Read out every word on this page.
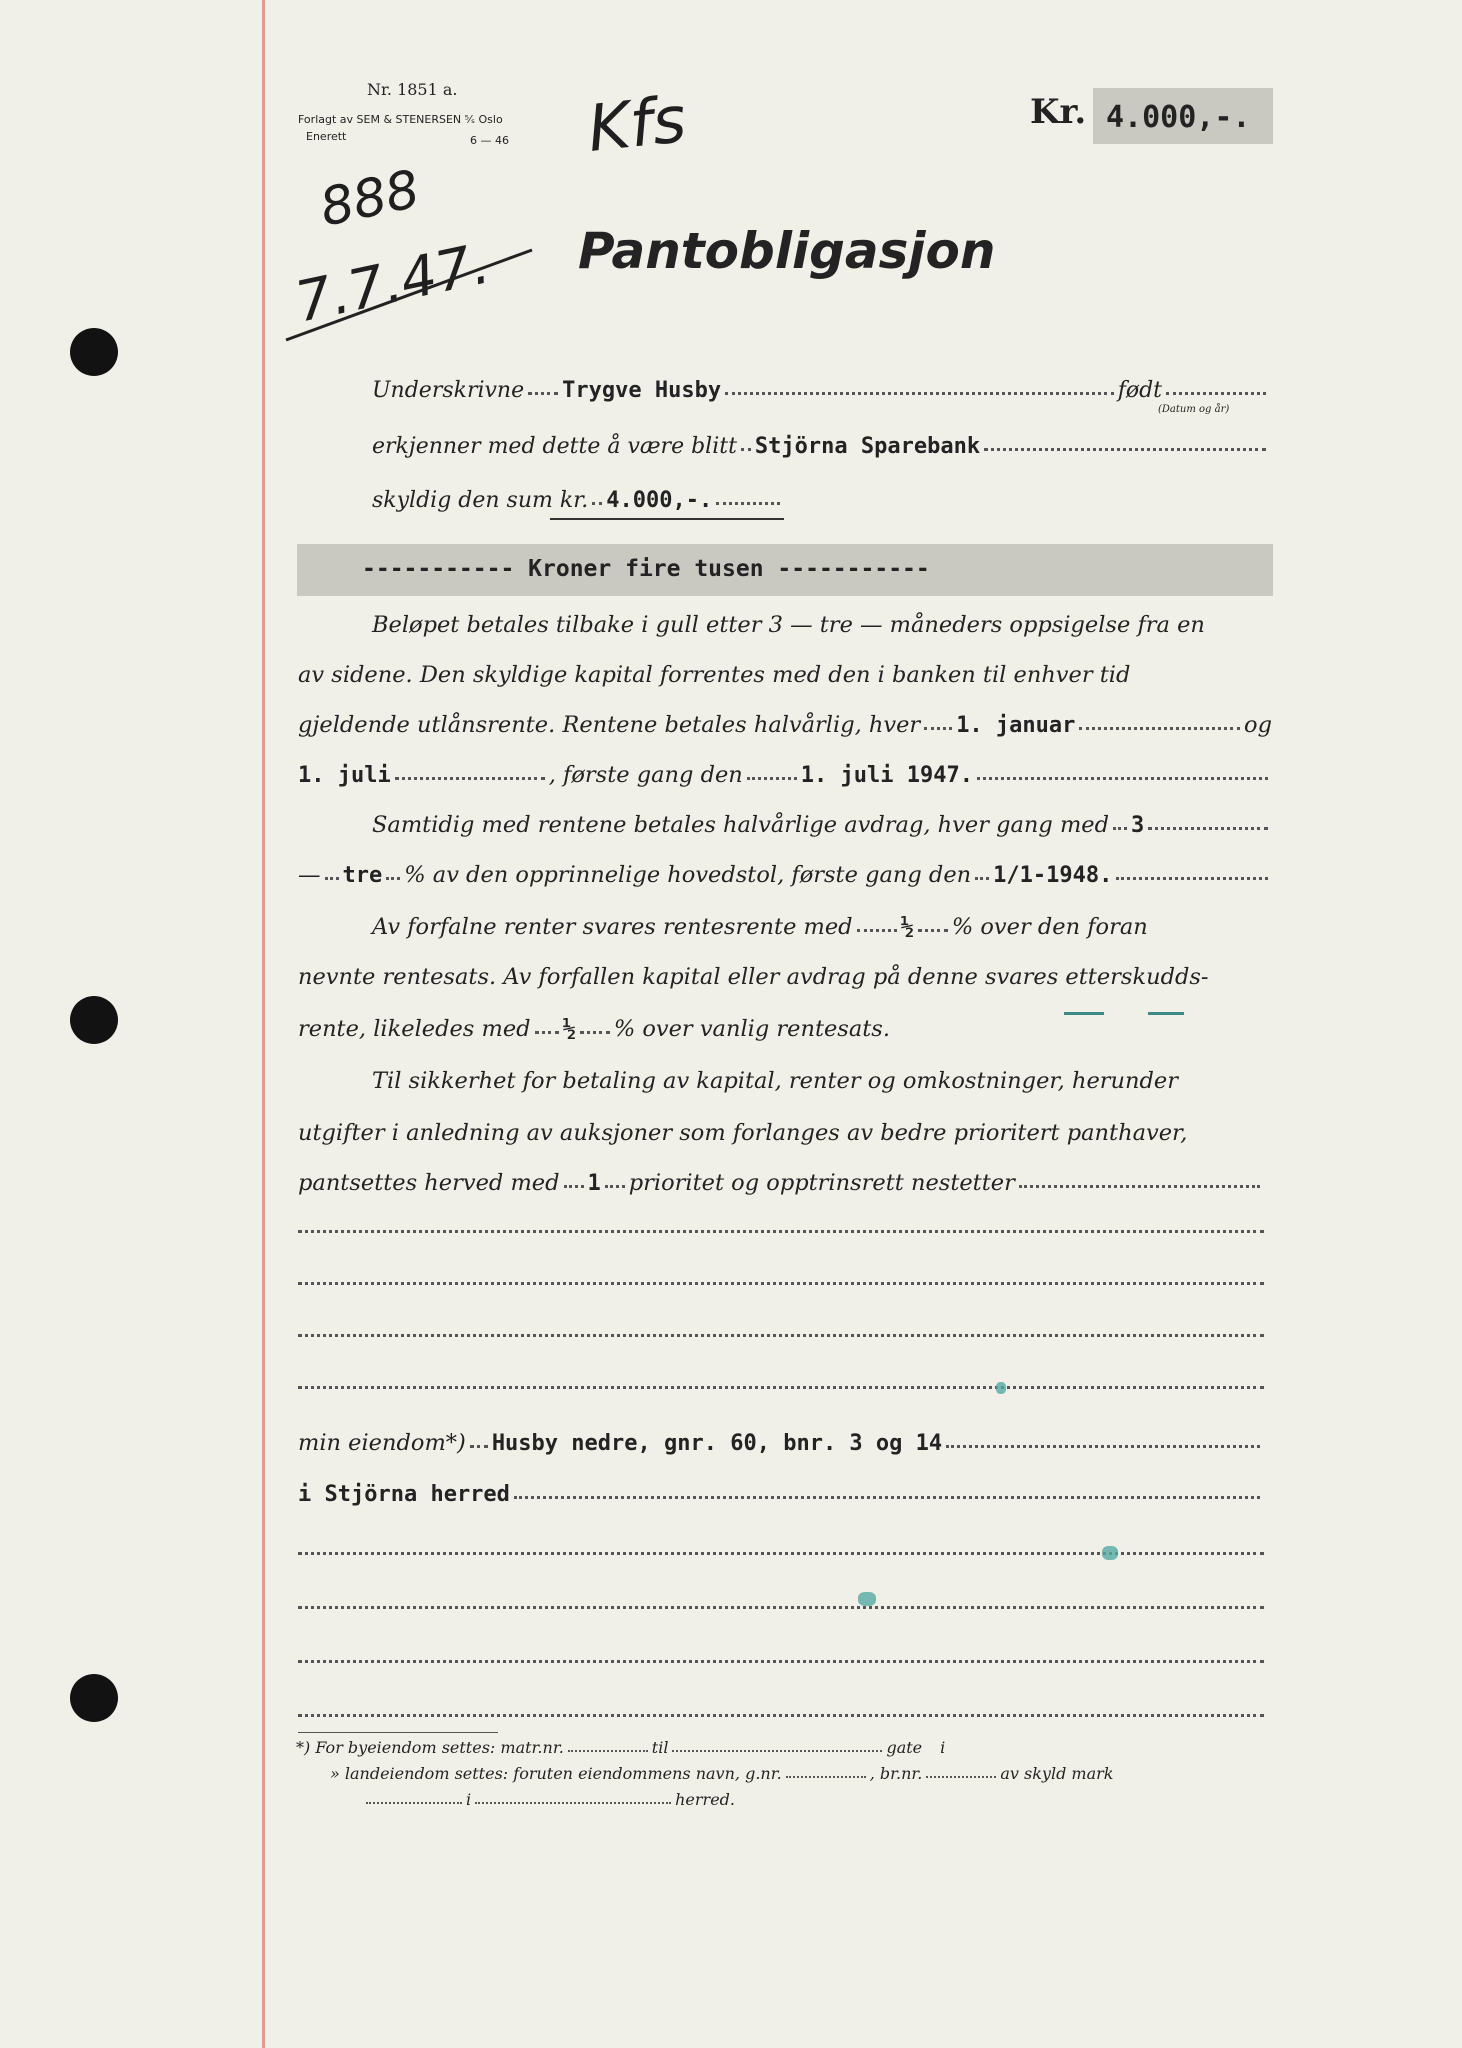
Nr. 1851 a.
Forlagt av SEM & STENERSEN ⁵⁄ₛ Oslo
Enerett	6 — 46
Kr. 4.000,-.
888
7.7.47.
Kfs
Pantobligasjon
Underskrivne Trygve Husby	født
(Datum og år)
erkjenner med dette å være blitt Stjörna Sparebank
skyldig den sum kr. 4.000,-.
----------- Kroner fire tusen -----------
Beløpet betales tilbake i gull etter 3 — tre — måneders oppsigelse fra en
av sidene. Den skyldige kapital forrentes med den i banken til enhver tid
gjeldende utlånsrente. Rentene betales halvårlig, hver 1. januar	og
1. juli	, første gang den	1. juli 1947.
Samtidig med rentene betales halvårlige avdrag, hver gang med 3
— tre % av den opprinnelige hovedstol, første gang den 1/1-1948.
Av forfalne renter svares rentesrente med ½ % over den foran
nevnte rentesats. Av forfallen kapital eller avdrag på denne svares etterskudds-
rente, likeledes med ½ % over vanlig rentesats.
Til sikkerhet for betaling av kapital, renter og omkostninger, herunder
utgifter i anledning av auksjoner som forlanges av bedre prioritert panthaver,
pantsettes herved med 1 prioritet og opptrinsrett nestetter
min eiendom*) Husby nedre, gnr. 60, bnr. 3 og 14
i Stjörna herred
*) For byeiendom settes: matr.nr.	til	gate i
» landeiendom settes: foruten eiendommens navn, g.nr.	, br.nr.	av skyld mark
i	herred.
